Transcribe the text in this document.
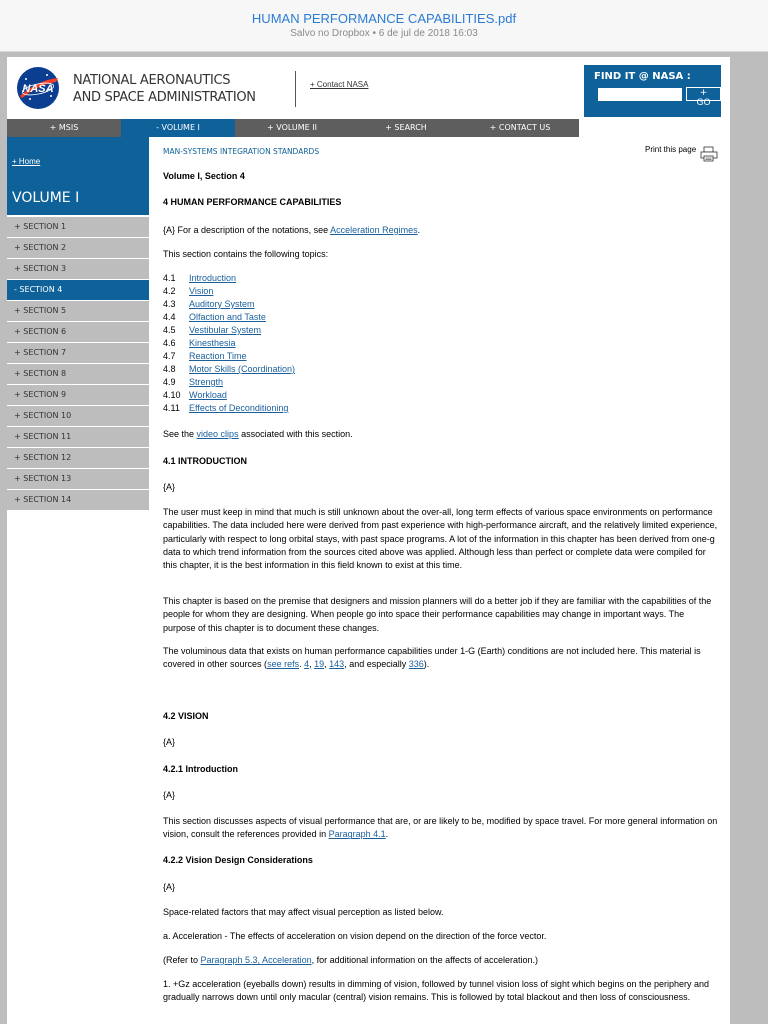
HUMAN PERFORMANCE CAPABILITIES.pdf
Salvo no Dropbox • 6 de jul de 2018 16:03
NASA
NATIONAL AERONAUTICS
AND SPACE ADMINISTRATION
+ Contact NASA
FIND IT @ NASA :
+ GO
+ MSIS	- VOLUME I	+ VOLUME II	+ SEARCH	+ CONTACT US
+ Home
VOLUME I
+ SECTION 1
+ SECTION 2
+ SECTION 3
- SECTION 4
+ SECTION 5
+ SECTION 6
+ SECTION 7
+ SECTION 8
+ SECTION 9
+ SECTION 10
+ SECTION 11
+ SECTION 12
+ SECTION 13
+ SECTION 14
MAN-SYSTEMS INTEGRATION STANDARDS	Print this page
Volume I, Section 4
4 HUMAN PERFORMANCE CAPABILITIES
{A} For a description of the notations, see Acceleration Regimes.
This section contains the following topics:
4.1	Introduction
4.2	Vision
4.3	Auditory System
4.4	Olfaction and Taste
4.5	Vestibular System
4.6	Kinesthesia
4.7	Reaction Time
4.8	Motor Skills (Coordination)
4.9	Strength
4.10 Workload
4.11	Effects of Deconditioning
See the video clips associated with this section.
4.1 INTRODUCTION
{A}
The user must keep in mind that much is still unknown about the over-all, long term effects of various space environments on performance capabilities. The data included here were derived from past experience with high-performance aircraft, and the relatively limited experience, particularly with respect to long orbital stays, with past space programs. A lot of the information in this chapter has been derived from one-g data to which trend information from the sources cited above was applied. Although less than perfect or complete data were compiled for this chapter, it is the best information in this field known to exist at this time.
This chapter is based on the premise that designers and mission planners will do a better job if they are familiar with the capabilities of the people for whom they are designing. When people go into space their performance capabilities may change in important ways. The purpose of this chapter is to document these changes.
The voluminous data that exists on human performance capabilities under 1-G (Earth) conditions are not included here. This material is covered in other sources (see refs. 4, 19, 143, and especially 336).
4.2 VISION
{A}
4.2.1 Introduction
{A}
This section discusses aspects of visual performance that are, or are likely to be, modified by space travel. For more general information on vision, consult the references provided in Paragraph 4.1.
4.2.2 Vision Design Considerations
{A}
Space-related factors that may affect visual perception as listed below.
a. Acceleration - The effects of acceleration on vision depend on the direction of the force vector.
(Refer to Paragraph 5.3, Acceleration, for additional information on the affects of acceleration.)
1. +Gz acceleration (eyeballs down) results in dimming of vision, followed by tunnel vision loss of sight which begins on the periphery and gradually narrows down until only macular (central) vision remains. This is followed by total blackout and then loss of consciousness.
